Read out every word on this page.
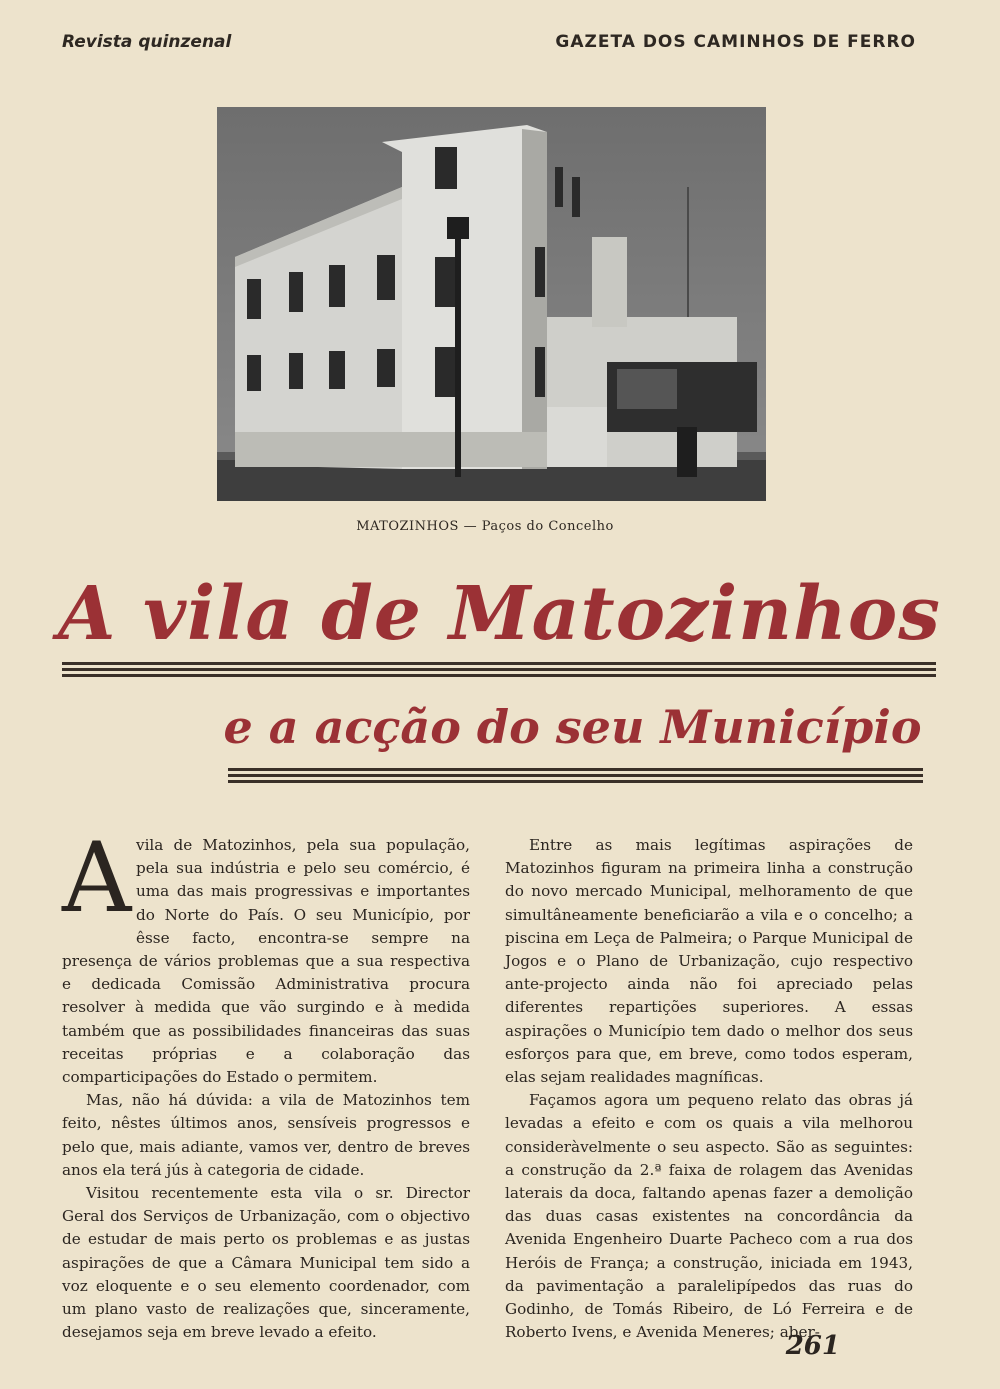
Revista quinzenal	GAZETA DOS CAMINHOS DE FERRO
MATOZINHOS — Paços do Concelho
A vila de Matozinhos
e a acção do seu Município
A vila de Matozinhos, pela sua população, pela sua indústria e pelo seu comércio, é uma das mais progressivas e importantes do Norte do País. O seu Município, por êsse facto, encontra-se sempre na presença de vários problemas que a sua respectiva e dedicada Comissão Administrativa procura resolver à medida que vão surgindo e à medida também que as possibilidades financeiras das suas receitas próprias e a colaboração das comparticipações do Estado o permitem.

Mas, não há dúvida: a vila de Matozinhos tem feito, nêstes últimos anos, sensíveis progressos e pelo que, mais adiante, vamos ver, dentro de breves anos ela terá jús à categoria de cidade.

Visitou recentemente esta vila o sr. Director Geral dos Serviços de Urbanização, com o objectivo de estudar de mais perto os problemas e as justas aspirações de que a Câmara Municipal tem sido a voz eloquente e o seu elemento coordenador, com um plano vasto de realizações que, sinceramente, desejamos seja em breve levado a efeito.

Entre as mais legítimas aspirações de Matozinhos figuram na primeira linha a construção do novo mercado Municipal, melhoramento de que simultâneamente beneficiarão a vila e o concelho; a piscina em Leça de Palmeira; o Parque Municipal de Jogos e o Plano de Urbanização, cujo respectivo ante-projecto ainda não foi apreciado pelas diferentes repartições superiores. A essas aspirações o Município tem dado o melhor dos seus esforços para que, em breve, como todos esperam, elas sejam realidades magníficas.

Façamos agora um pequeno relato das obras já levadas a efeito e com os quais a vila melhorou consideràvelmente o seu aspecto. São as seguintes: a construção da 2.ª faixa de rolagem das Avenidas laterais da doca, faltando apenas fazer a demolição das duas casas existentes na concordância da Avenida Engenheiro Duarte Pacheco com a rua dos Heróis de França; a construção, iniciada em 1943, da pavimentação a paralelipípedos das ruas do Godinho, de Tomás Ribeiro, de Ló Ferreira e de Roberto Ivens, e Avenida Meneres; aber-

261
